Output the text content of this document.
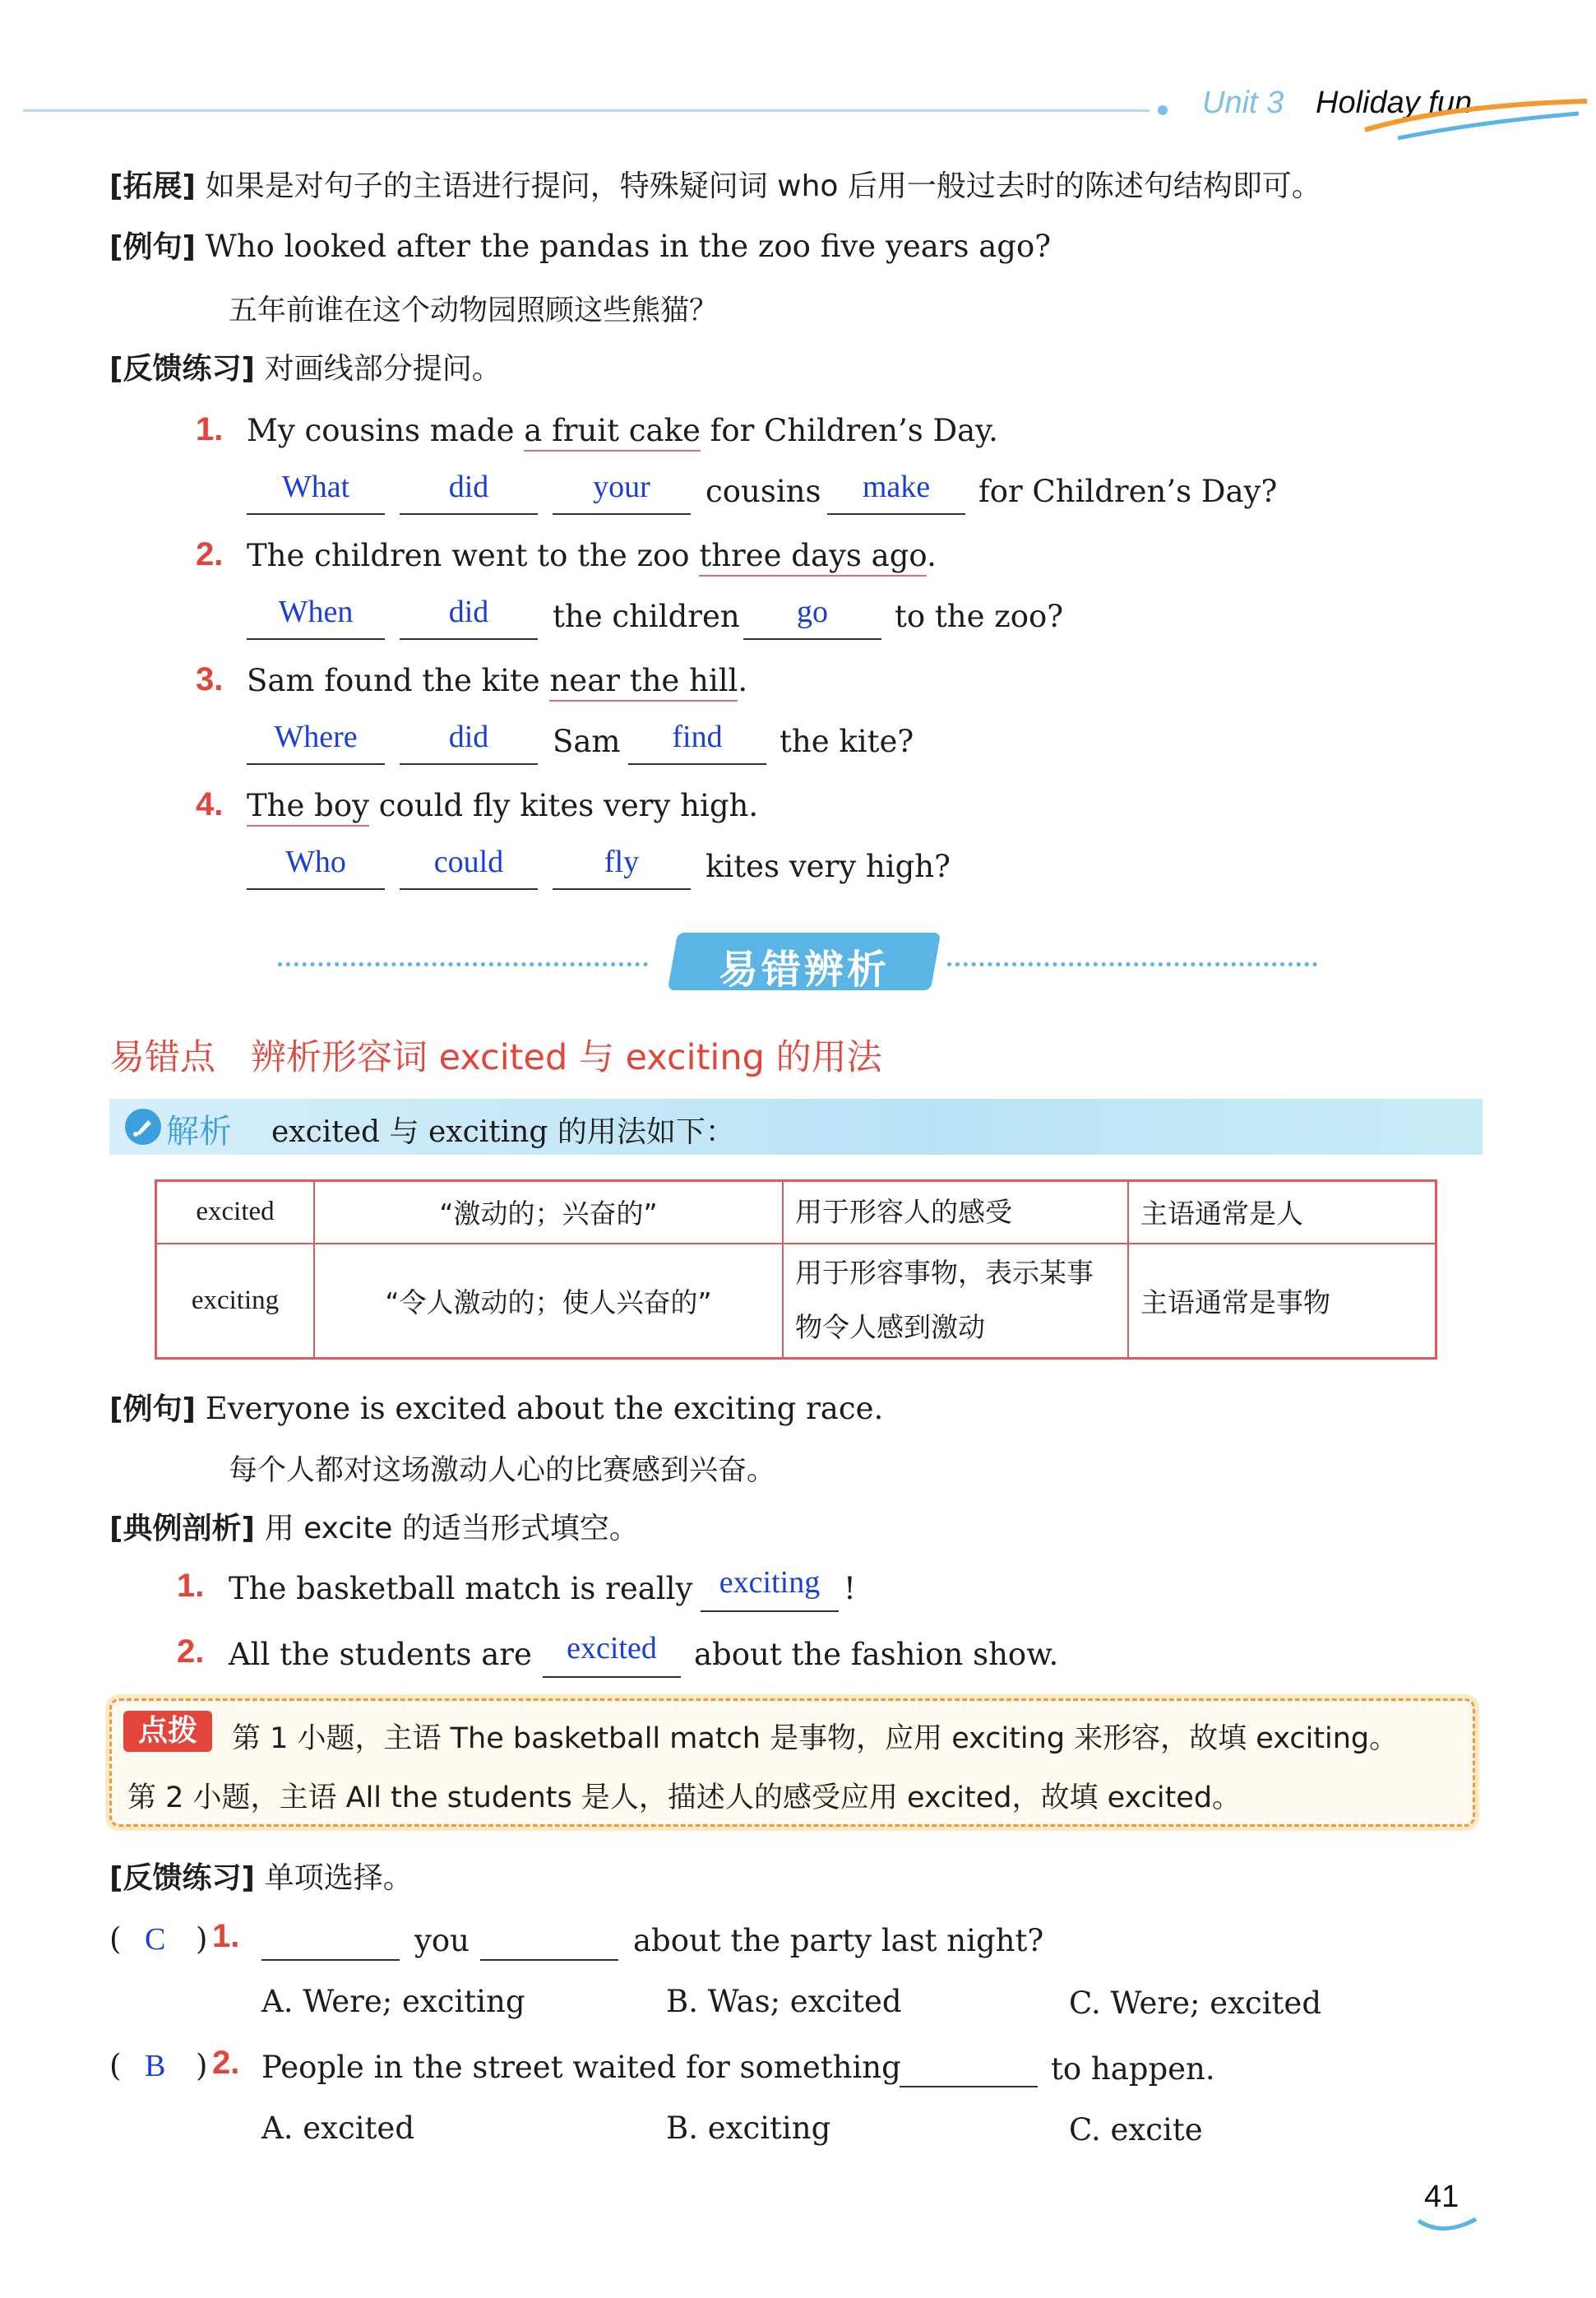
Unit 3 Holiday fun
[拓展] 如果是对句子的主语进行提问，特殊疑问词 who 后用一般过去时的陈述句结构即可。
[例句] Who looked after the pandas in the zoo five years ago?
五年前谁在这个动物园照顾这些熊猫？
[反馈练习] 对画线部分提问。
1. My cousins made a fruit cake for Children’s Day.
What	did	your	cousins	make	for Children’s Day?
2. The children went to the zoo three days ago.
When	did	the children	go	to the zoo?
3. Sam found the kite near the hill.
Where	did	Sam	find	the kite?
4. The boy could fly kites very high.
Who	could	fly	kites very high?
易错辨析
易错点　辨析形容词 excited 与 exciting 的用法
解析 excited 与 exciting 的用法如下：
excited	“激动的；兴奋的”	用于形容人的感受	主语通常是人
exciting	“令人激动的；使人兴奋的”	用于形容事物，表示某事物令人感到激动	主语通常是事物
[例句] Everyone is excited about the exciting race.
每个人都对这场激动人心的比赛感到兴奋。
[典例剖析] 用 excite 的适当形式填空。
1. The basketball match is really exciting !
2. All the students are	excited	about the fashion show.
点拨	第 1 小题，主语 The basketball match 是事物，应用 exciting 来形容，故填 exciting。
第 2 小题，主语 All the students 是人，描述人的感受应用 excited，故填 excited。
[反馈练习] 单项选择。
( C ) 1.	you	about the party last night?
A. Were; exciting	B. Was; excited	C. Were; excited
( B ) 2. People in the street waited for something	to happen.
A. excited	B. exciting	C. excite
41
